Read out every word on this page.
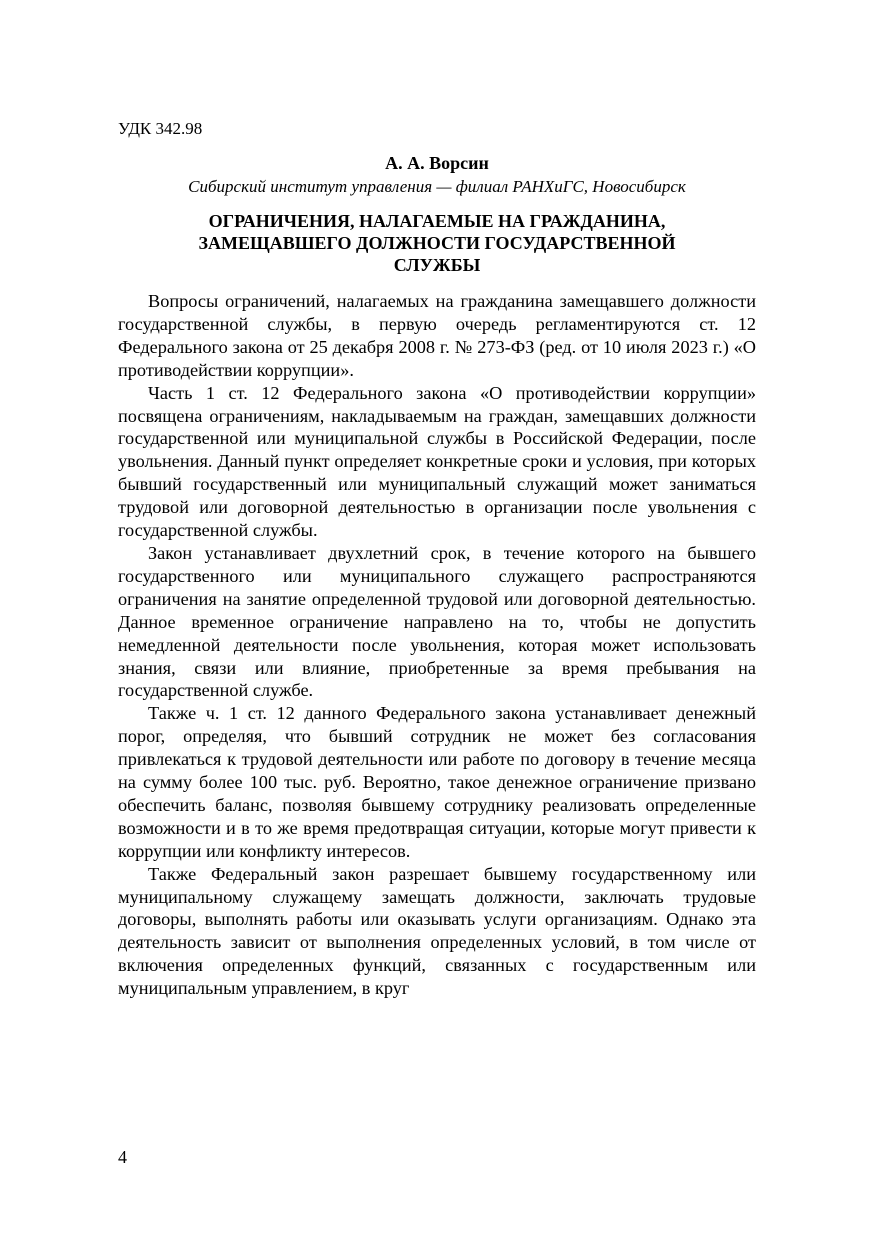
УДК 342.98

А. А. Ворсин

Сибирский институт управления — филиал РАНХиГС, Новосибирск

ОГРАНИЧЕНИЯ, НАЛАГАЕМЫЕ НА ГРАЖДАНИНА,
ЗАМЕЩАВШЕГО ДОЛЖНОСТИ ГОСУДАРСТВЕННОЙ
СЛУЖБЫ

Вопросы ограничений, налагаемых на гражданина замещавшего должности государственной службы, в первую очередь регламентируются ст. 12 Федерального закона от 25 декабря 2008 г. № 273-ФЗ (ред. от 10 июля 2023 г.) «О противодействии коррупции».

Часть 1 ст. 12 Федерального закона «О противодействии коррупции» посвящена ограничениям, накладываемым на граждан, замещавших должности государственной или муниципальной службы в Российской Федерации, после увольнения. Данный пункт определяет конкретные сроки и условия, при которых бывший государственный или муниципальный служащий может заниматься трудовой или договорной деятельностью в организации после увольнения с государственной службы.

Закон устанавливает двухлетний срок, в течение которого на бывшего государственного или муниципального служащего распространяются ограничения на занятие определенной трудовой или договорной деятельностью. Данное временное ограничение направлено на то, чтобы не допустить немедленной деятельности после увольнения, которая может использовать знания, связи или влияние, приобретенные за время пребывания на государственной службе.

Также ч. 1 ст. 12 данного Федерального закона устанавливает денежный порог, определяя, что бывший сотрудник не может без согласования привлекаться к трудовой деятельности или работе по договору в течение месяца на сумму более 100 тыс. руб. Вероятно, такое денежное ограничение призвано обеспечить баланс, позволяя бывшему сотруднику реализовать определенные возможности и в то же время предотвращая ситуации, которые могут привести к коррупции или конфликту интересов.

Также Федеральный закон разрешает бывшему государственному или муниципальному служащему замещать должности, заключать трудовые договоры, выполнять работы или оказывать услуги организациям. Однако эта деятельность зависит от выполнения определенных условий, в том числе от включения определенных функций, связанных с государственным или муниципальным управлением, в круг

4
